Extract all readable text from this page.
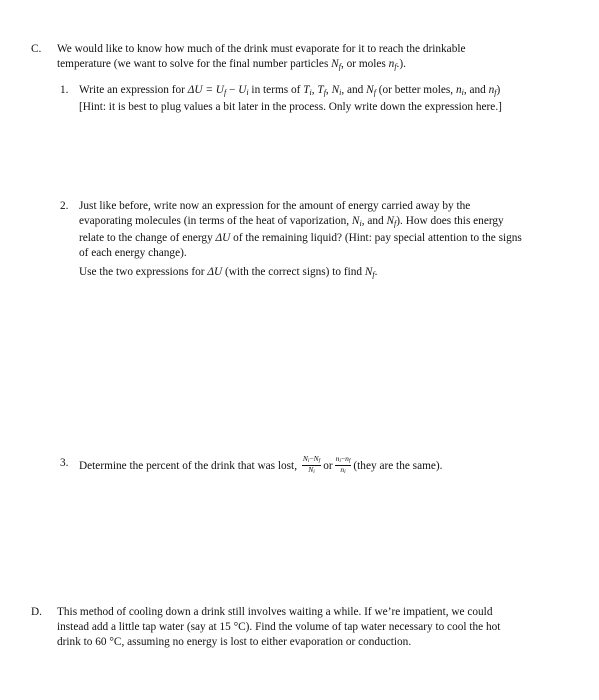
C. We would like to know how much of the drink must evaporate for it to reach the drinkable
temperature (we want to solve for the final number particles $N_f$, or moles $n_f$.).
1. Write an expression for $\Delta U = U_f - U_i$ in terms of $T_i$, $T_f$, $N_i$, and $N_f$ (or better moles, $n_i$, and $n_f$)
[Hint: it is best to plug values a bit later in the process. Only write down the expression here.]
2. Just like before, write now an expression for the amount of energy carried away by the
evaporating molecules (in terms of the heat of vaporization, $N_i$, and $N_f$). How does this energy
relate to the change of energy ΔU of the remaining liquid? (Hint: pay special attention to the signs
of each energy change).
Use the two expressions for ΔU (with the correct signs) to find $N_f$.
3. Determine the percent of the drink that was lost, $\frac{N_i-N_f}{N_i}$ or $\frac{n_i-n_f}{n_i}$ (they are the same).
D. This method of cooling down a drink still involves waiting a while. If we’re impatient, we could
instead add a little tap water (say at 15 °C). Find the volume of tap water necessary to cool the hot
drink to 60 °C, assuming no energy is lost to either evaporation or conduction.
